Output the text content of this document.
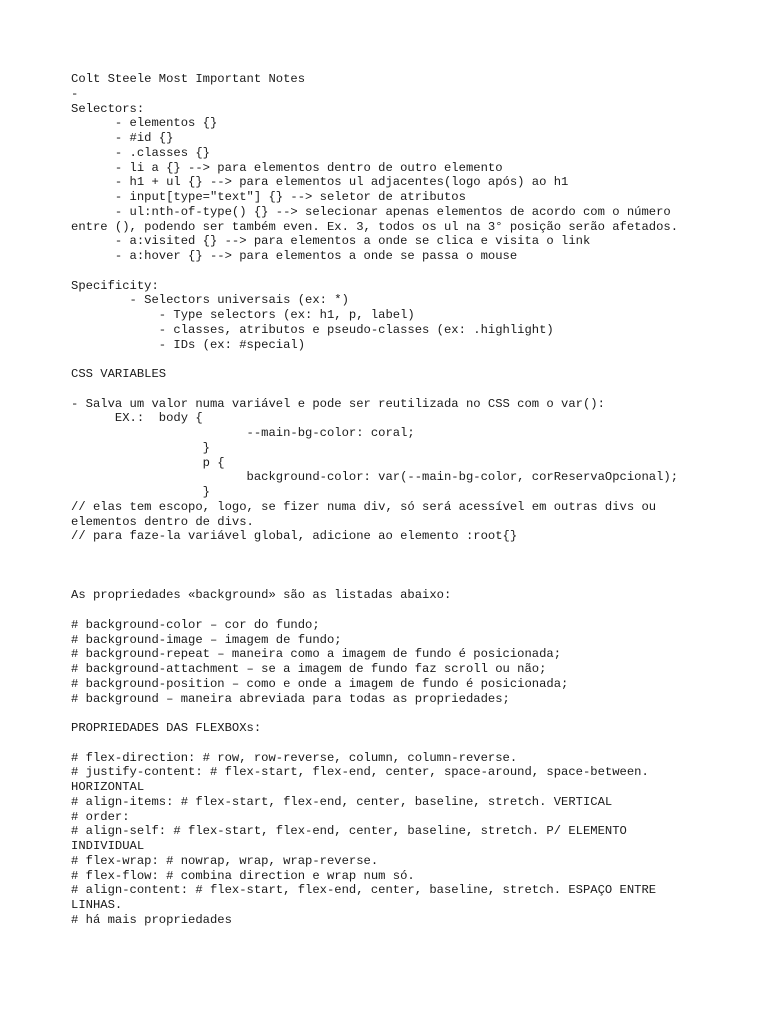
Colt Steele Most Important Notes
-
Selectors:
- elementos {}
- #id {}
- .classes {}
- li a {} --> para elementos dentro de outro elemento
- h1 + ul {} --> para elementos ul adjacentes(logo após) ao h1
- input[type="text"] {} --> seletor de atributos
- ul:nth-of-type() {} --> selecionar apenas elementos de acordo com o número
entre (), podendo ser também even. Ex. 3, todos os ul na 3° posição serão afetados.
- a:visited {} --> para elementos a onde se clica e visita o link
- a:hover {} --> para elementos a onde se passa o mouse
Specificity:
- Selectors universais (ex: *)
- Type selectors (ex: h1, p, label)
- classes, atributos e pseudo-classes (ex: .highlight)
- IDs (ex: #special)
CSS VARIABLES
- Salva um valor numa variável e pode ser reutilizada no CSS com o var():
EX.:  body {
--main-bg-color: coral;
}
p {
background-color: var(--main-bg-color, corReservaOpcional);
}
// elas tem escopo, logo, se fizer numa div, só será acessível em outras divs ou
elementos dentro de divs.
// para faze-la variável global, adicione ao elemento :root{}
As propriedades «background» são as listadas abaixo:
# background-color – cor do fundo;
# background-image – imagem de fundo;
# background-repeat – maneira como a imagem de fundo é posicionada;
# background-attachment – se a imagem de fundo faz scroll ou não;
# background-position – como e onde a imagem de fundo é posicionada;
# background – maneira abreviada para todas as propriedades;
PROPRIEDADES DAS FLEXBOXs:
# flex-direction: # row, row-reverse, column, column-reverse.
# justify-content: # flex-start, flex-end, center, space-around, space-between.
HORIZONTAL
# align-items: # flex-start, flex-end, center, baseline, stretch. VERTICAL
# order:
# align-self: # flex-start, flex-end, center, baseline, stretch. P/ ELEMENTO
INDIVIDUAL
# flex-wrap: # nowrap, wrap, wrap-reverse.
# flex-flow: # combina direction e wrap num só.
# align-content: # flex-start, flex-end, center, baseline, stretch. ESPAÇO ENTRE
LINHAS.
# há mais propriedades
